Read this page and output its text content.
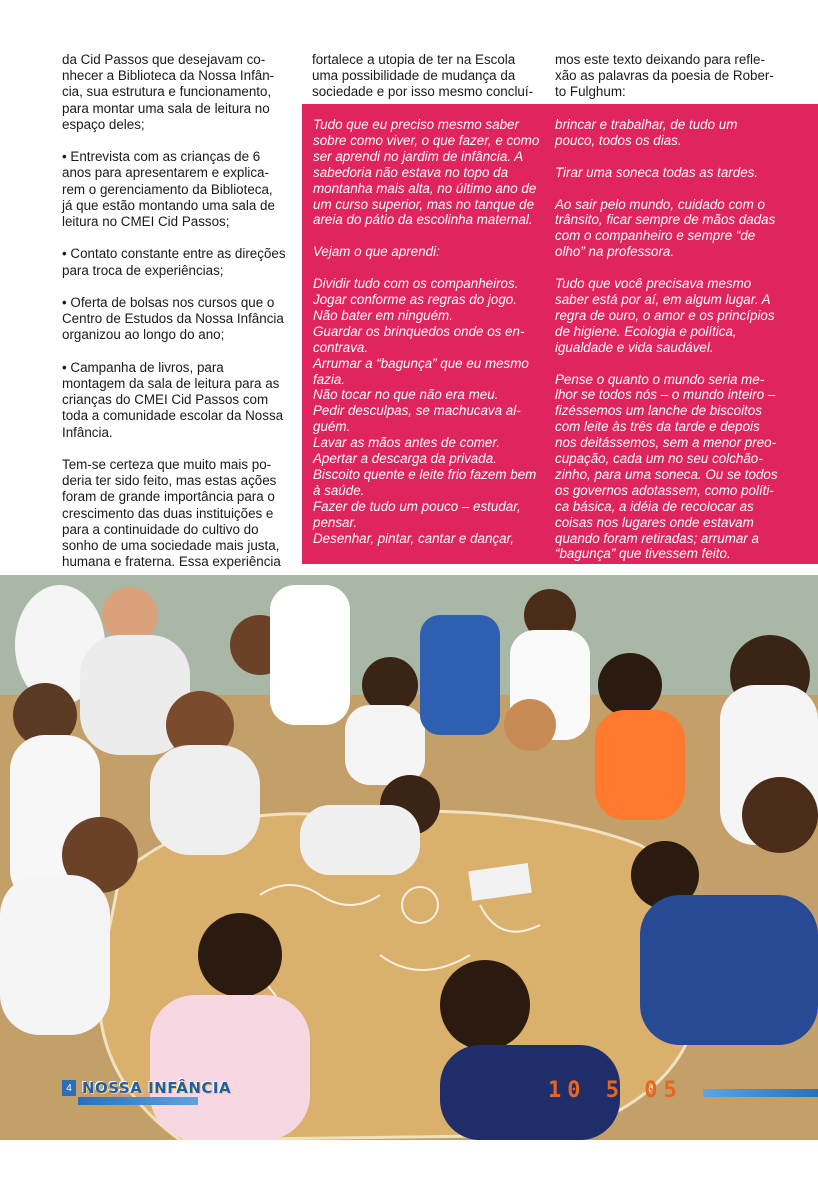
da Cid Passos que desejavam co-
nhecer a Biblioteca da Nossa Infân-
cia, sua estrutura e funcionamento,
para montar uma sala de leitura no
espaço deles;

• Entrevista com as crianças de 6
anos para apresentarem e explica-
rem o gerenciamento da Biblioteca,
já que estão montando uma sala de
leitura no CMEI Cid Passos;

• Contato constante entre as direções
para troca de experiências;

• Oferta de bolsas nos cursos que o
Centro de Estudos da Nossa Infância
organizou ao longo do ano;

• Campanha de livros, para
montagem da sala de leitura para as
crianças do CMEI Cid Passos com
toda a comunidade escolar da Nossa
Infância.

Tem-se certeza que muito mais po-
deria ter sido feito, mas estas ações
foram de grande importância para o
crescimento das duas instituições e
para a continuidade do cultivo do
sonho de uma sociedade mais justa,
humana e fraterna. Essa experiência
fortalece a utopia de ter na Escola
uma possibilidade de mudança da
sociedade e por isso mesmo concluí-
mos este texto deixando para refle-
xão as palavras da poesia de Rober-
to Fulghum:
Tudo que eu preciso mesmo saber
sobre como viver, o que fazer, e como
ser aprendi no jardim de infância. A
sabedoria não estava no topo da
montanha mais alta, no último ano de
um curso superior, mas no tanque de
areia do pátio da escolinha maternal.

Vejam o que aprendi:

Dividir tudo com os companheiros.
Jogar conforme as regras do jogo.
Não bater em ninguém.
Guardar os brinquedos onde os en-
contrava.
Arrumar a “bagunça” que eu mesmo
fazia.
Não tocar no que não era meu.
Pedir desculpas, se machucava al-
guém.
Lavar as mãos antes de comer.
Apertar a descarga da privada.
Biscoito quente e leite frio fazem bem
à saúde.
Fazer de tudo um pouco – estudar,
pensar.
Desenhar, pintar, cantar e dançar,
brincar e trabalhar, de tudo um
pouco, todos os dias.

Tirar uma soneca todas as tardes.

Ao sair pelo mundo, cuidado com o
trânsito, ficar sempre de mãos dadas
com o companheiro e sempre “de
olho” na professora.

Tudo que você precisava mesmo
saber está por aí, em algum lugar. A
regra de ouro, o amor e os princípios
de higiene. Ecologia e política,
igualdade e vida saudável.

Pense o quanto o mundo seria me-
lhor se todos nós – o mundo inteiro –
fizéssemos um lanche de biscoitos
com leite às três da tarde e depois
nos deitássemos, sem a menor preo-
cupação, cada um no seu colchão-
zinho, para uma soneca. Ou se todos
os governos adotassem, como políti-
ca básica, a idéia de recolocar as
coisas nos lugares onde estavam
quando foram retiradas; arrumar a
“bagunça” que tivessem feito.
10 5 05
4 NOSSA INFÂNCIA
